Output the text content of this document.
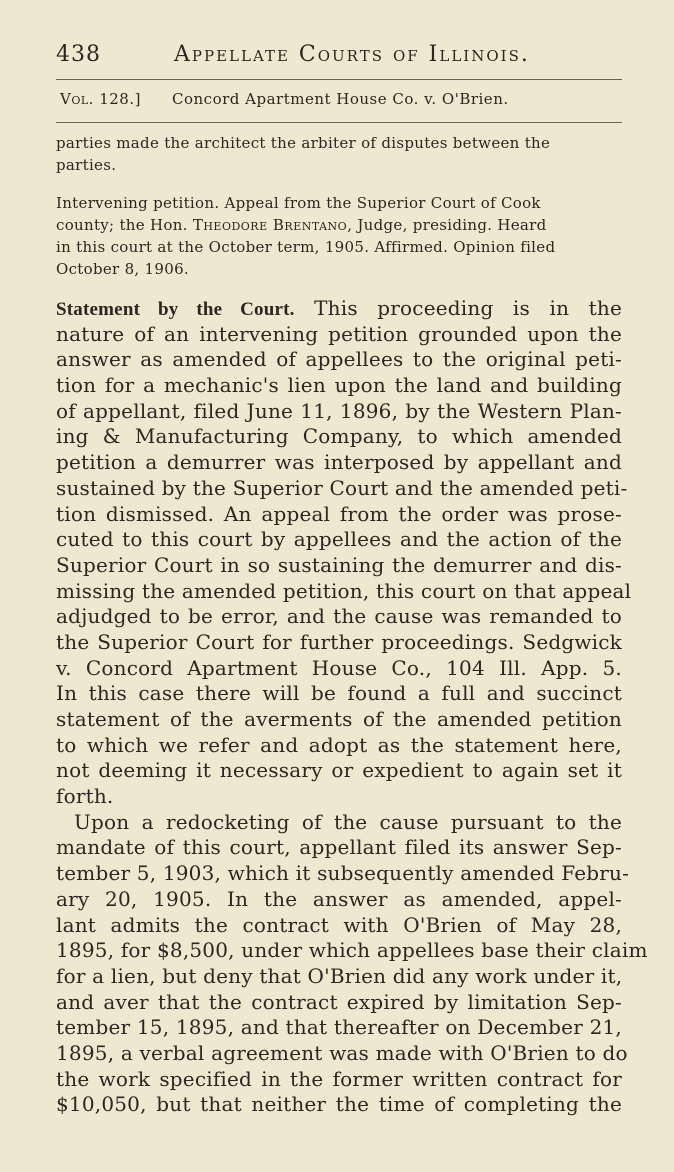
438	Appellate Courts of Illinois.
Vol. 128.] Concord Apartment House Co. v. O'Brien.
parties made the architect the arbiter of disputes between the
parties.
Intervening petition. Appeal from the Superior Court of Cook
county; the Hon. Theodore Brentano, Judge, presiding. Heard
in this court at the October term, 1905. Affirmed. Opinion filed
October 8, 1906.
Statement by the Court. This proceeding is in the
nature of an intervening petition grounded upon the
answer as amended of appellees to the original peti-
tion for a mechanic's lien upon the land and building
of appellant, filed June 11, 1896, by the Western Plan-
ing & Manufacturing Company, to which amended
petition a demurrer was interposed by appellant and
sustained by the Superior Court and the amended peti-
tion dismissed. An appeal from the order was prose-
cuted to this court by appellees and the action of the
Superior Court in so sustaining the demurrer and dis-
missing the amended petition, this court on that appeal
adjudged to be error, and the cause was remanded to
the Superior Court for further proceedings. Sedgwick
v. Concord Apartment House Co., 104 Ill. App. 5.
In this case there will be found a full and succinct
statement of the averments of the amended petition
to which we refer and adopt as the statement here,
not deeming it necessary or expedient to again set it
forth.
Upon a redocketing of the cause pursuant to the
mandate of this court, appellant filed its answer Sep-
tember 5, 1903, which it subsequently amended Febru-
ary 20, 1905. In the answer as amended, appel-
lant admits the contract with O'Brien of May 28,
1895, for $8,500, under which appellees base their claim
for a lien, but deny that O'Brien did any work under it,
and aver that the contract expired by limitation Sep-
tember 15, 1895, and that thereafter on December 21,
1895, a verbal agreement was made with O'Brien to do
the work specified in the former written contract for
$10,050, but that neither the time of completing the
